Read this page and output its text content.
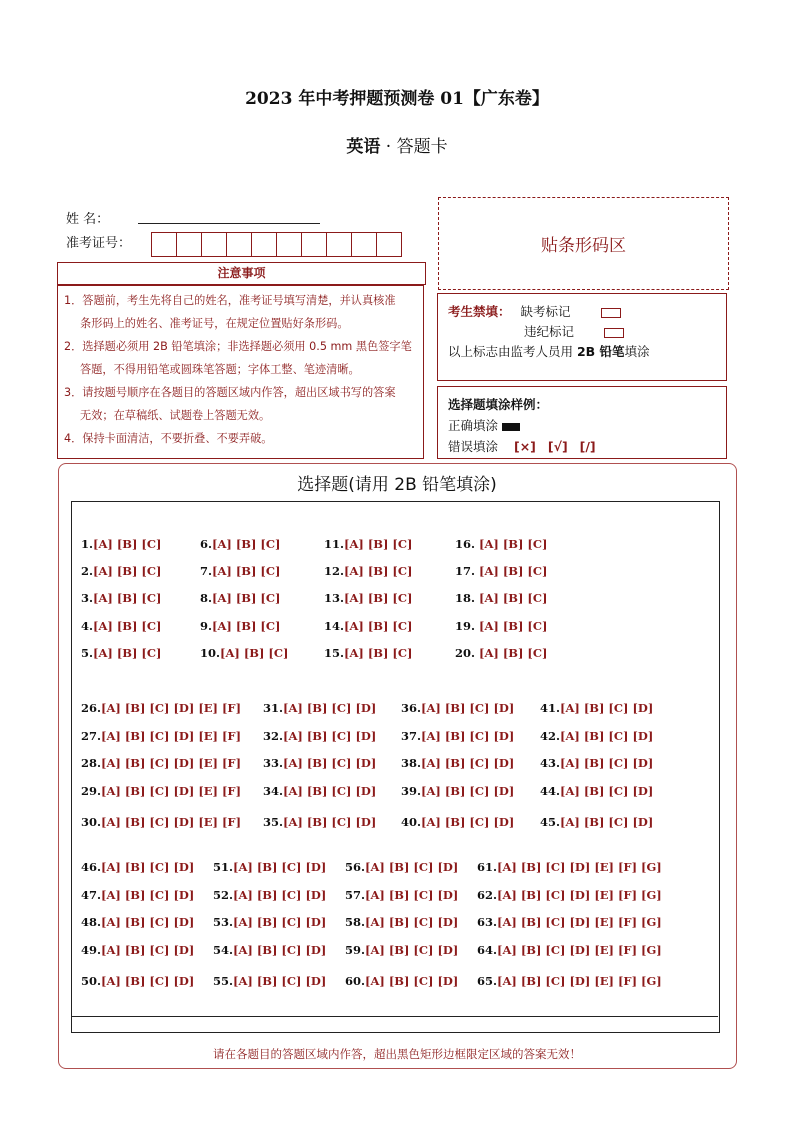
2023 年中考押题预测卷 01【广东卷】
英语 · 答题卡
姓 名：
准考证号：	贴条形码区
注意事项

1．答题前，考生先将自己的姓名，准考证号填写清楚，并认真核准

条形码上的姓名、准考证号，在规定位置贴好条形码。

2．选择题必须用 2B 铅笔填涂；非选择题必须用 0.5 mm 黑色签字笔

答题，不得用铅笔或圆珠笔答题；字体工整、笔迹清晰。

3．请按题号顺序在各题目的答题区域内作答，超出区域书写的答案

无效；在草稿纸、试题卷上答题无效。

4．保持卡面清洁，不要折叠、不要弄破。

考生禁填： 缺考标记
违纪标记
以上标志由监考人员用 2B 铅笔填涂
选择题填涂样例：
正确填涂
错误填涂 [×] [√] [/]
选择题(请用 2B 铅笔填涂)
1.[A] [B] [C]
2.[A] [B] [C]
3.[A] [B] [C]
4.[A] [B] [C]
5.[A] [B] [C]
6.[A] [B] [C]
7.[A] [B] [C]
8.[A] [B] [C]
9.[A] [B] [C]
10.[A] [B] [C]
11.[A] [B] [C]
12.[A] [B] [C]
13.[A] [B] [C]
14.[A] [B] [C]
15.[A] [B] [C]
16. [A] [B] [C]
17. [A] [B] [C]
18. [A] [B] [C]
19. [A] [B] [C]
20. [A] [B] [C]
26.[A] [B] [C] [D] [E] [F]
27.[A] [B] [C] [D] [E] [F]
28.[A] [B] [C] [D] [E] [F]
29.[A] [B] [C] [D] [E] [F]
30.[A] [B] [C] [D] [E] [F]
31.[A] [B] [C] [D]
32.[A] [B] [C] [D]
33.[A] [B] [C] [D]
34.[A] [B] [C] [D]
35.[A] [B] [C] [D]
36.[A] [B] [C] [D]
37.[A] [B] [C] [D]
38.[A] [B] [C] [D]
39.[A] [B] [C] [D]
40.[A] [B] [C] [D]
41.[A] [B] [C] [D]
42.[A] [B] [C] [D]
43.[A] [B] [C] [D]
44.[A] [B] [C] [D]
45.[A] [B] [C] [D]
46.[A] [B] [C] [D]
47.[A] [B] [C] [D]
48.[A] [B] [C] [D]
49.[A] [B] [C] [D]
50.[A] [B] [C] [D]
51.[A] [B] [C] [D]
52.[A] [B] [C] [D]
53.[A] [B] [C] [D]
54.[A] [B] [C] [D]
55.[A] [B] [C] [D]
56.[A] [B] [C] [D]
57.[A] [B] [C] [D]
58.[A] [B] [C] [D]
59.[A] [B] [C] [D]
60.[A] [B] [C] [D]
61.[A] [B] [C] [D] [E] [F] [G]
62.[A] [B] [C] [D] [E] [F] [G]
63.[A] [B] [C] [D] [E] [F] [G]
64.[A] [B] [C] [D] [E] [F] [G]
65.[A] [B] [C] [D] [E] [F] [G]
请在各题目的答题区域内作答，超出黑色矩形边框限定区域的答案无效！
